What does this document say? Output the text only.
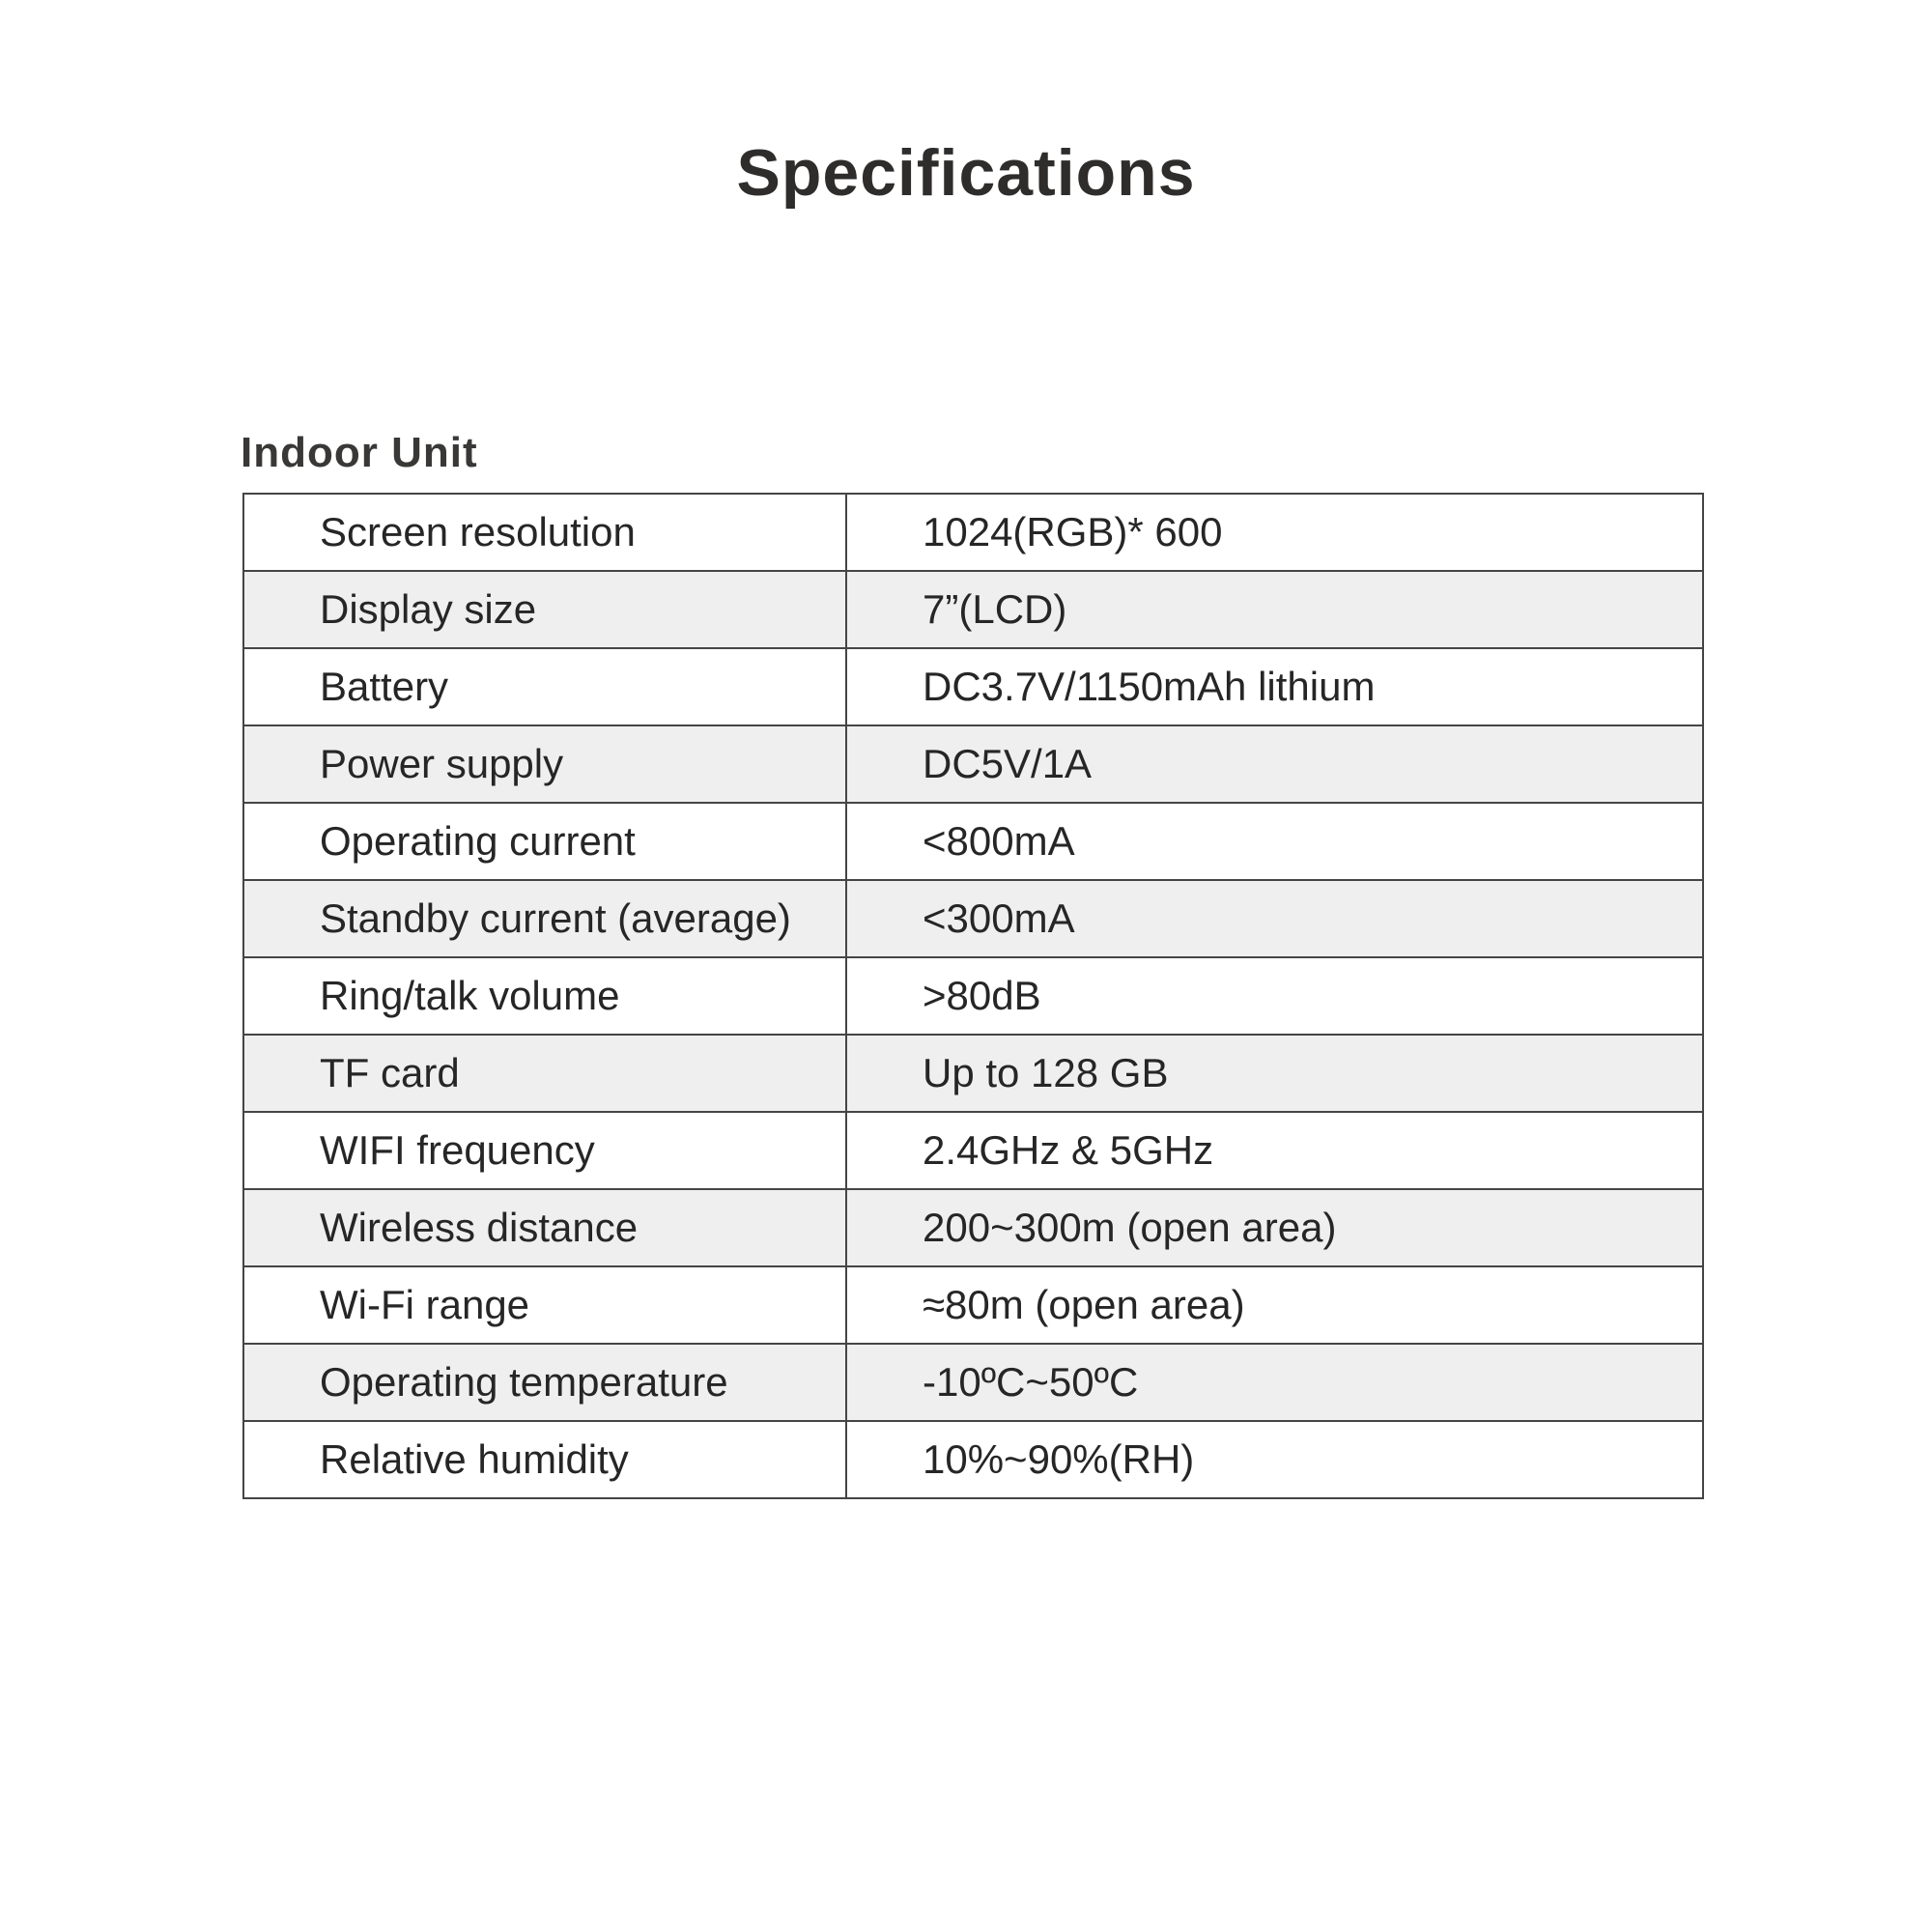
Specifications
Indoor Unit
Screen resolution	1024(RGB)* 600
Display size	7”(LCD)
Battery	DC3.7V/1150mAh lithium
Power supply	DC5V/1A
Operating current	<800mA
Standby current (average)	<300mA
Ring/talk volume	>80dB
TF card	Up to 128 GB
WIFI frequency	2.4GHz & 5GHz
Wireless distance	200~300m (open area)
Wi-Fi range	≈80m (open area)
Operating temperature	-10ºC~50ºC
Relative humidity	10%~90%(RH)
